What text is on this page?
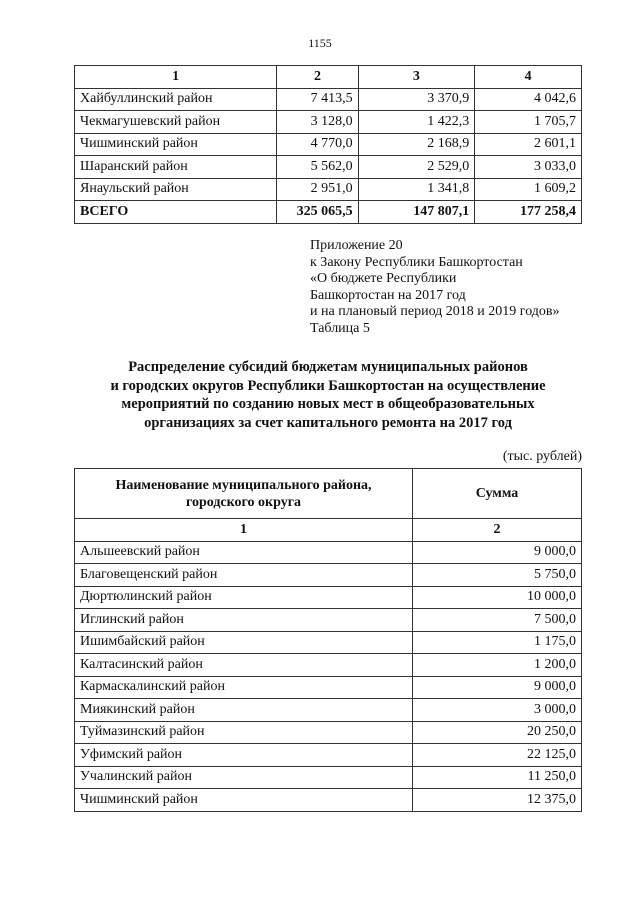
1155
1	2	3	4
Хайбуллинский район	7 413,5	3 370,9	4 042,6
Чекмагушевский район	3 128,0	1 422,3	1 705,7
Чишминский район	4 770,0	2 168,9	2 601,1
Шаранский район	5 562,0	2 529,0	3 033,0
Янаульский район	2 951,0	1 341,8	1 609,2
ВСЕГО	325 065,5	147 807,1	177 258,4
Приложение 20
к Закону Республики Башкортостан
«О бюджете Республики
Башкортостан на 2017 год
и на плановый период 2018 и 2019 годов»
Таблица 5
Распределение субсидий бюджетам муниципальных районов
и городских округов Республики Башкортостан на осуществление
мероприятий по созданию новых мест в общеобразовательных
организациях за счет капитального ремонта на 2017 год
(тыс. рублей)
Наименование муниципального района,
городского округа	Сумма
1	2
Альшеевский район	9 000,0
Благовещенский район	5 750,0
Дюртюлинский район	10 000,0
Иглинский район	7 500,0
Ишимбайский район	1 175,0
Калтасинский район	1 200,0
Кармаскалинский район	9 000,0
Миякинский район	3 000,0
Туймазинский район	20 250,0
Уфимский район	22 125,0
Учалинский район	11 250,0
Чишминский район	12 375,0
